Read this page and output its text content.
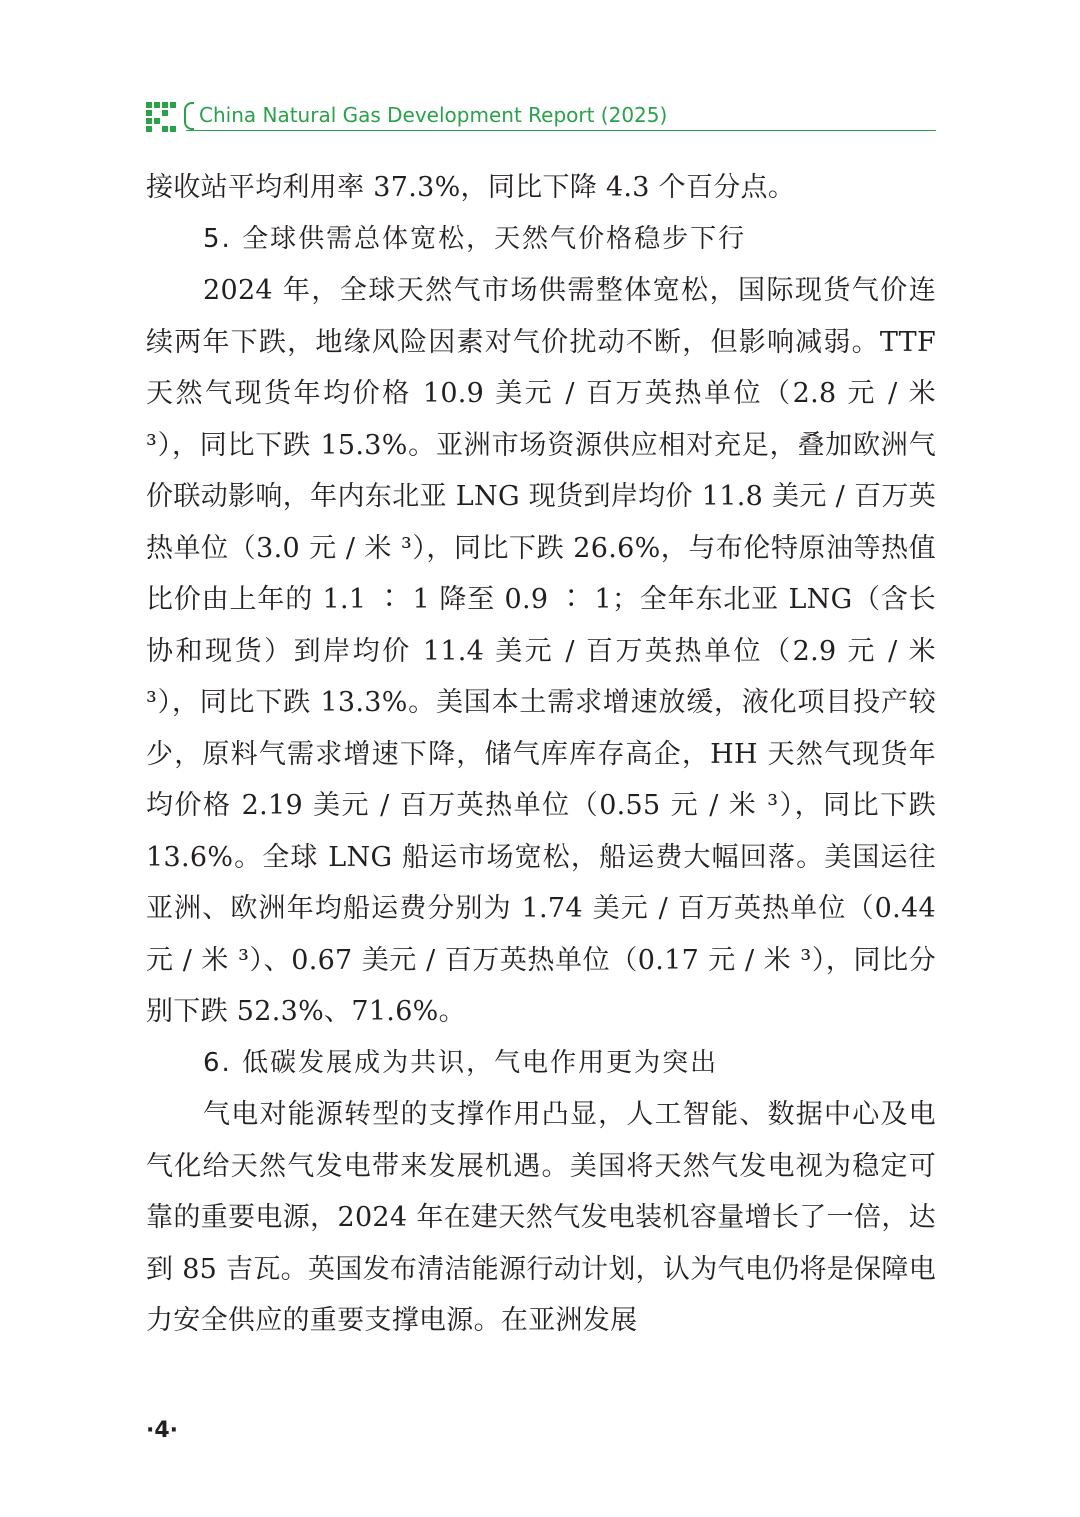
China Natural Gas Development Report (2025)

接收站平均利用率 37.3%，同比下降 4.3 个百分点。

5. 全球供需总体宽松，天然气价格稳步下行

2024 年，全球天然气市场供需整体宽松，国际现货气价连续两年下跌，地缘风险因素对气价扰动不断，但影响减弱。TTF 天然气现货年均价格 10.9 美元 / 百万英热单位（2.8 元 / 米 ³），同比下跌 15.3%。亚洲市场资源供应相对充足，叠加欧洲气价联动影响，年内东北亚 LNG 现货到岸均价 11.8 美元 / 百万英热单位（3.0 元 / 米 ³），同比下跌 26.6%，与布伦特原油等热值比价由上年的 1.1 ∶ 1 降至 0.9 ∶ 1；全年东北亚 LNG（含长协和现货）到岸均价 11.4 美元 / 百万英热单位（2.9 元 / 米 ³），同比下跌 13.3%。美国本土需求增速放缓，液化项目投产较少，原料气需求增速下降，储气库库存高企，HH 天然气现货年均价格 2.19 美元 / 百万英热单位（0.55 元 / 米 ³），同比下跌 13.6%。全球 LNG 船运市场宽松，船运费大幅回落。美国运往亚洲、欧洲年均船运费分别为 1.74 美元 / 百万英热单位（0.44 元 / 米 ³）、0.67 美元 / 百万英热单位（0.17 元 / 米 ³），同比分别下跌 52.3%、71.6%。

6. 低碳发展成为共识，气电作用更为突出

气电对能源转型的支撑作用凸显，人工智能、数据中心及电气化给天然气发电带来发展机遇。美国将天然气发电视为稳定可靠的重要电源，2024 年在建天然气发电装机容量增长了一倍，达到 85 吉瓦。英国发布清洁能源行动计划，认为气电仍将是保障电力安全供应的重要支撑电源。在亚洲发展

·4·
